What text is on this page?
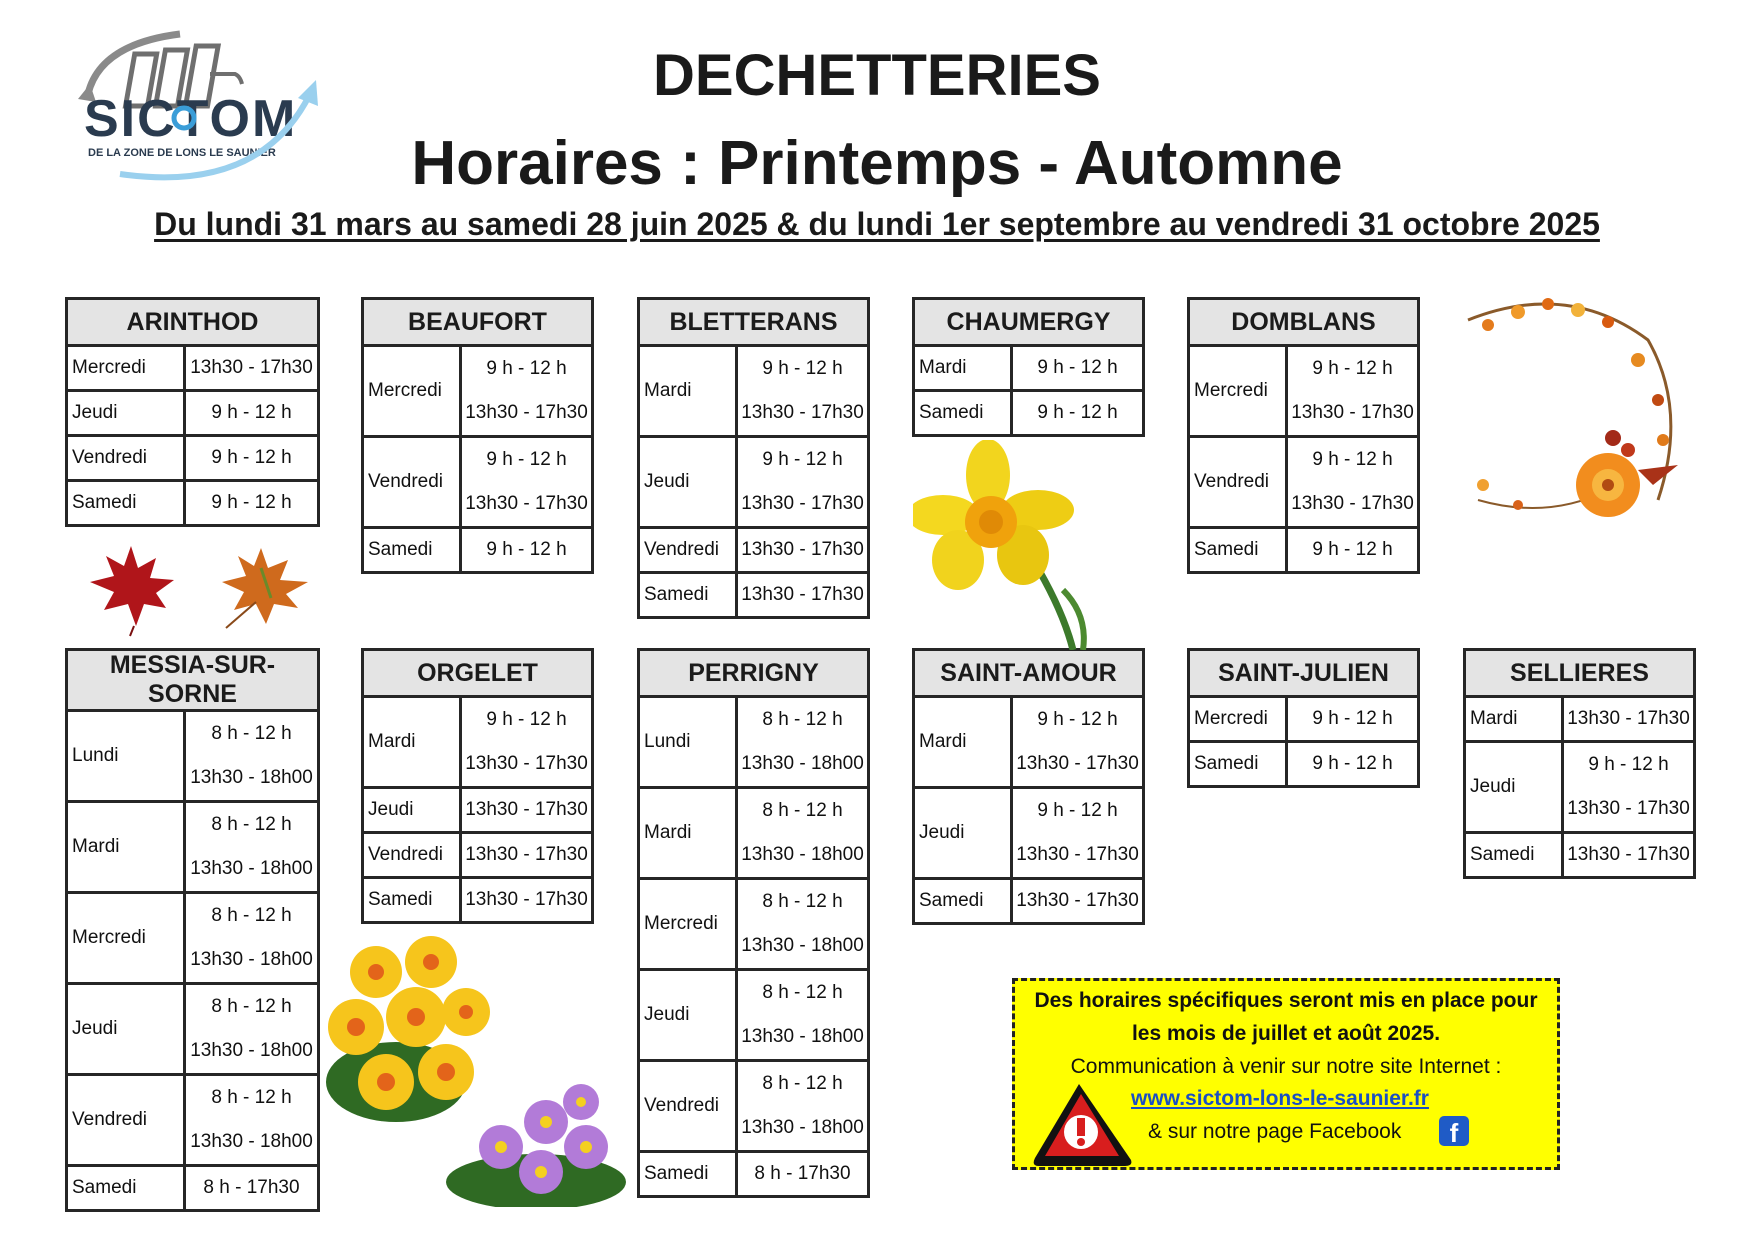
SICTOM
DE LA ZONE DE LONS LE SAUNIER
DECHETTERIES
Horaires : Printemps - Automne
Du lundi 31 mars au samedi 28 juin 2025 & du lundi 1er septembre au vendredi 31 octobre 2025
ARINTHOD	
Mercredi	13h30 - 17h30
Jeudi	9 h - 12 h
Vendredi	9 h - 12 h
Samedi	9 h - 12 h
BEAUFORT	
Mercredi	9 h - 12 h
13h30 - 17h30

Vendredi	9 h - 12 h
13h30 - 17h30

Samedi	9 h - 12 h
BLETTERANS	
Mardi	9 h - 12 h
13h30 - 17h30

Jeudi	9 h - 12 h
13h30 - 17h30

Vendredi	13h30 - 17h30
Samedi	13h30 - 17h30
CHAUMERGY	
Mardi	9 h - 12 h
Samedi	9 h - 12 h
DOMBLANS	
Mercredi	9 h - 12 h
13h30 - 17h30

Vendredi	9 h - 12 h
13h30 - 17h30

Samedi	9 h - 12 h
MESSIA-SUR-SORNE	
Lundi	8 h - 12 h
13h30 - 18h00

Mardi	8 h - 12 h
13h30 - 18h00

Mercredi	8 h - 12 h
13h30 - 18h00

Jeudi	8 h - 12 h
13h30 - 18h00

Vendredi	8 h - 12 h
13h30 - 18h00

Samedi	8 h - 17h30
ORGELET	
Mardi	9 h - 12 h
13h30 - 17h30

Jeudi	13h30 - 17h30
Vendredi	13h30 - 17h30
Samedi	13h30 - 17h30
PERRIGNY	
Lundi	8 h - 12 h
13h30 - 18h00

Mardi	8 h - 12 h
13h30 - 18h00

Mercredi	8 h - 12 h
13h30 - 18h00

Jeudi	8 h - 12 h
13h30 - 18h00

Vendredi	8 h - 12 h
13h30 - 18h00

Samedi	8 h - 17h30
SAINT-AMOUR	
Mardi	9 h - 12 h
13h30 - 17h30

Jeudi	9 h - 12 h
13h30 - 17h30

Samedi	13h30 - 17h30
SAINT-JULIEN	
Mercredi	9 h - 12 h
Samedi	9 h - 12 h
SELLIERES	
Mardi	13h30 - 17h30
Jeudi	9 h - 12 h
13h30 - 17h30

Samedi	13h30 - 17h30
Des horaires spécifiques seront mis en place pour
les mois de juillet et août 2025.
Communication à venir sur notre site Internet :
www.sictom-lons-le-saunier.fr
& sur notre page Facebook	f
